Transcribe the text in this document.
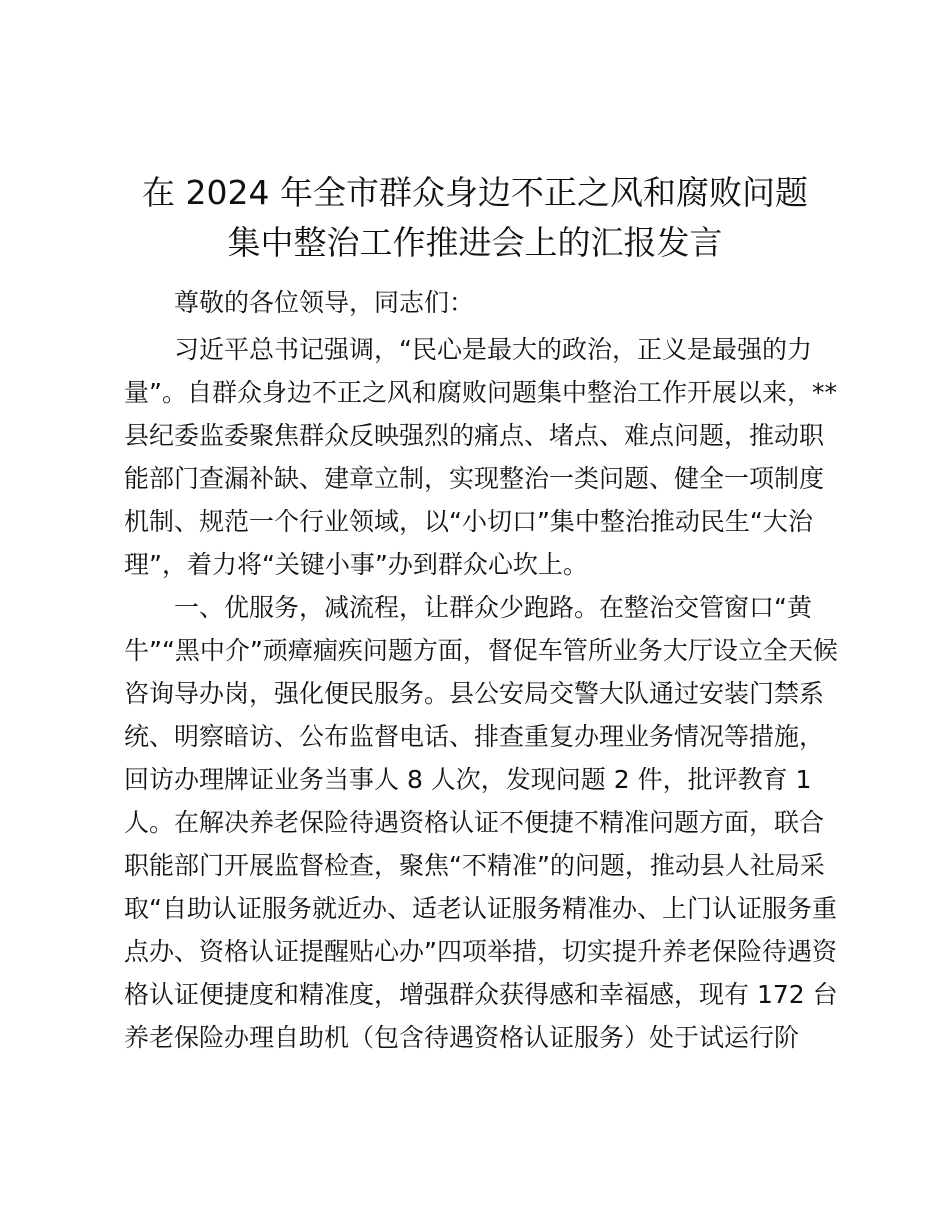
在 2024 年全市群众身边不正之风和腐败问题
集中整治工作推进会上的汇报发言
尊敬的各位领导，同志们：
习近平总书记强调，“民心是最大的政治，正义是最强的力
量”。自群众身边不正之风和腐败问题集中整治工作开展以来，**
县纪委监委聚焦群众反映强烈的痛点、堵点、难点问题，推动职
能部门查漏补缺、建章立制，实现整治一类问题、健全一项制度
机制、规范一个行业领域，以“小切口”集中整治推动民生“大治
理”，着力将“关键小事”办到群众心坎上。
一、优服务，减流程，让群众少跑路。在整治交管窗口“黄
牛”“黑中介”顽瘴痼疾问题方面，督促车管所业务大厅设立全天候
咨询导办岗，强化便民服务。县公安局交警大队通过安装门禁系
统、明察暗访、公布监督电话、排查重复办理业务情况等措施，
回访办理牌证业务当事人 8 人次，发现问题 2 件，批评教育 1
人。在解决养老保险待遇资格认证不便捷不精准问题方面，联合
职能部门开展监督检查，聚焦“不精准”的问题，推动县人社局采
取“自助认证服务就近办、适老认证服务精准办、上门认证服务重
点办、资格认证提醒贴心办”四项举措，切实提升养老保险待遇资
格认证便捷度和精准度，增强群众获得感和幸福感，现有 172 台
养老保险办理自助机（包含待遇资格认证服务）处于试运行阶
